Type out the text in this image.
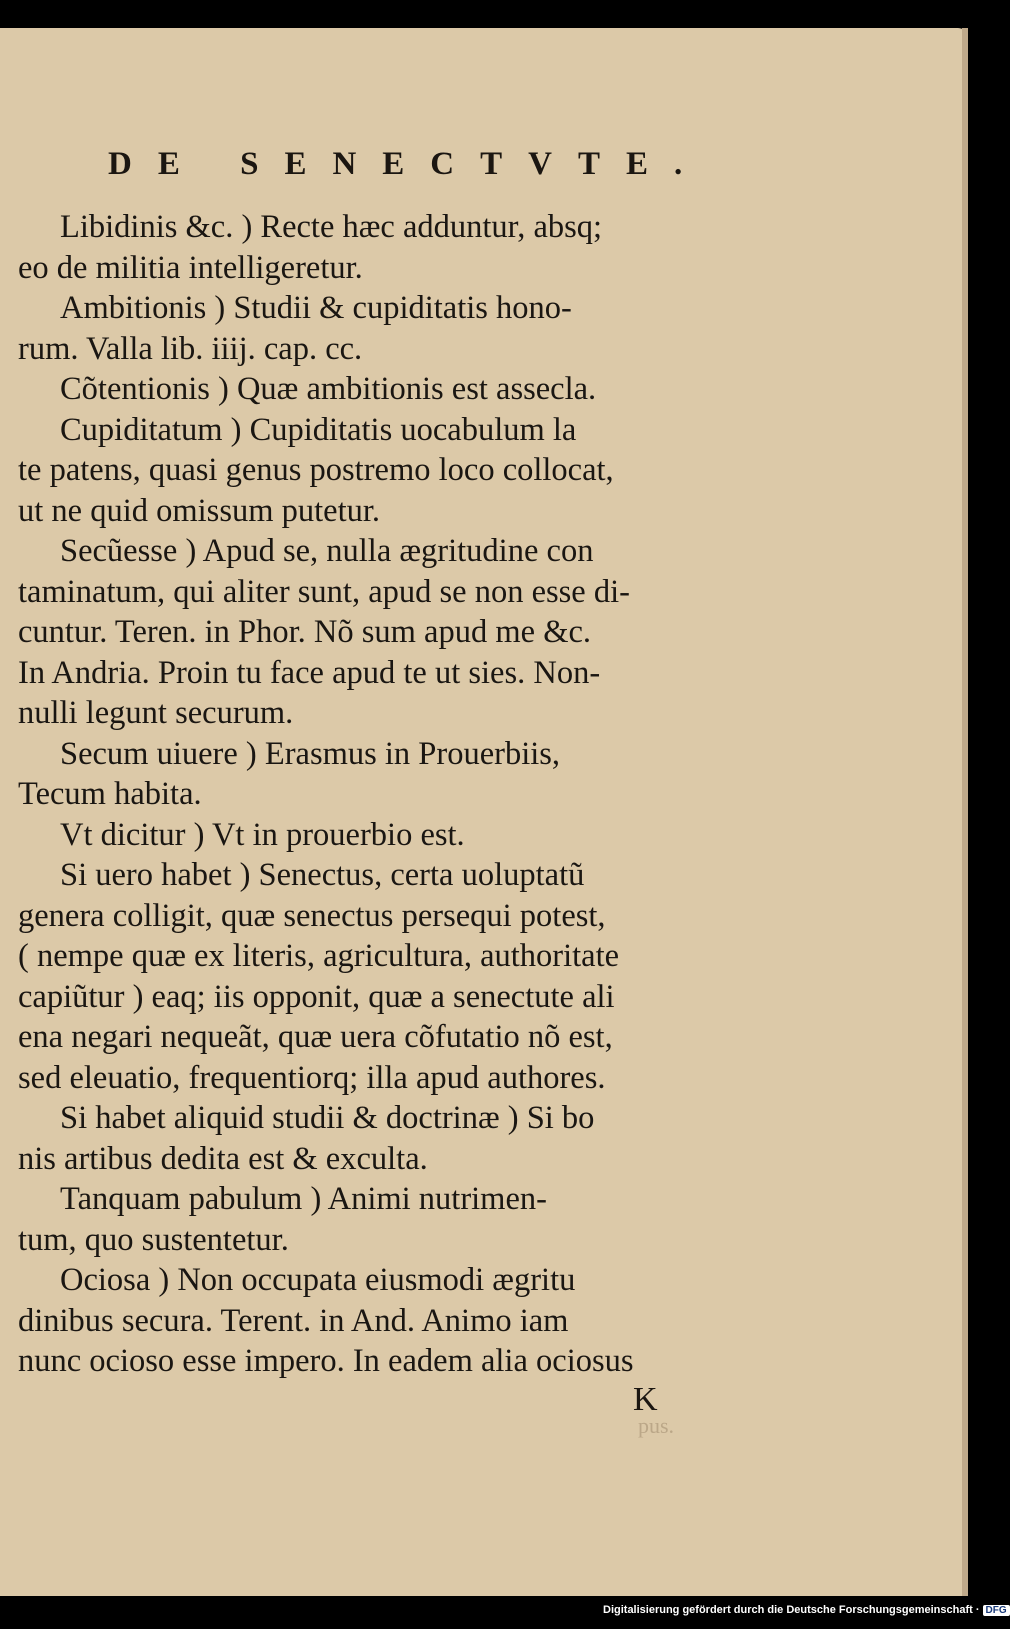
DE SENECTVTE.
Libidinis &c. ) Recte hæc adduntur, absq;
eo de militia intelligeretur.
Ambitionis ) Studii & cupiditatis hono-
rum. Valla lib. iiij. cap. cc.
Cõtentionis ) Quæ ambitionis est assecla.
Cupiditatum ) Cupiditatis uocabulum la
te patens, quasi genus postremo loco collocat,
ut ne quid omissum putetur.
Secũesse ) Apud se, nulla ægritudine con
taminatum, qui aliter sunt, apud se non esse di-
cuntur. Teren. in Phor. Nõ sum apud me &c.
In Andria. Proin tu face apud te ut sies. Non-
nulli legunt securum.
Secum uiuere ) Erasmus in Prouerbiis,
Tecum habita.
Vt dicitur ) Vt in prouerbio est.
Si uero habet ) Senectus, certa uoluptatũ
genera colligit, quæ senectus persequi potest,
( nempe quæ ex literis, agricultura, authoritate
capiũtur ) eaq; iis opponit, quæ a senectute ali
ena negari nequeãt, quæ uera cõfutatio nõ est,
sed eleuatio, frequentiorq; illa apud authores.
Si habet aliquid studii & doctrinæ ) Si bo
nis artibus dedita est & exculta.
Tanquam pabulum ) Animi nutrimen-
tum, quo sustentetur.
Ociosa ) Non occupata eiusmodi ægritu
dinibus secura. Terent. in And. Animo iam
nunc ocioso esse impero. In eadem alia ociosus
K
pus.
Digitalisierung gefördert durch die Deutsche Forschungsgemeinschaft · DFG
